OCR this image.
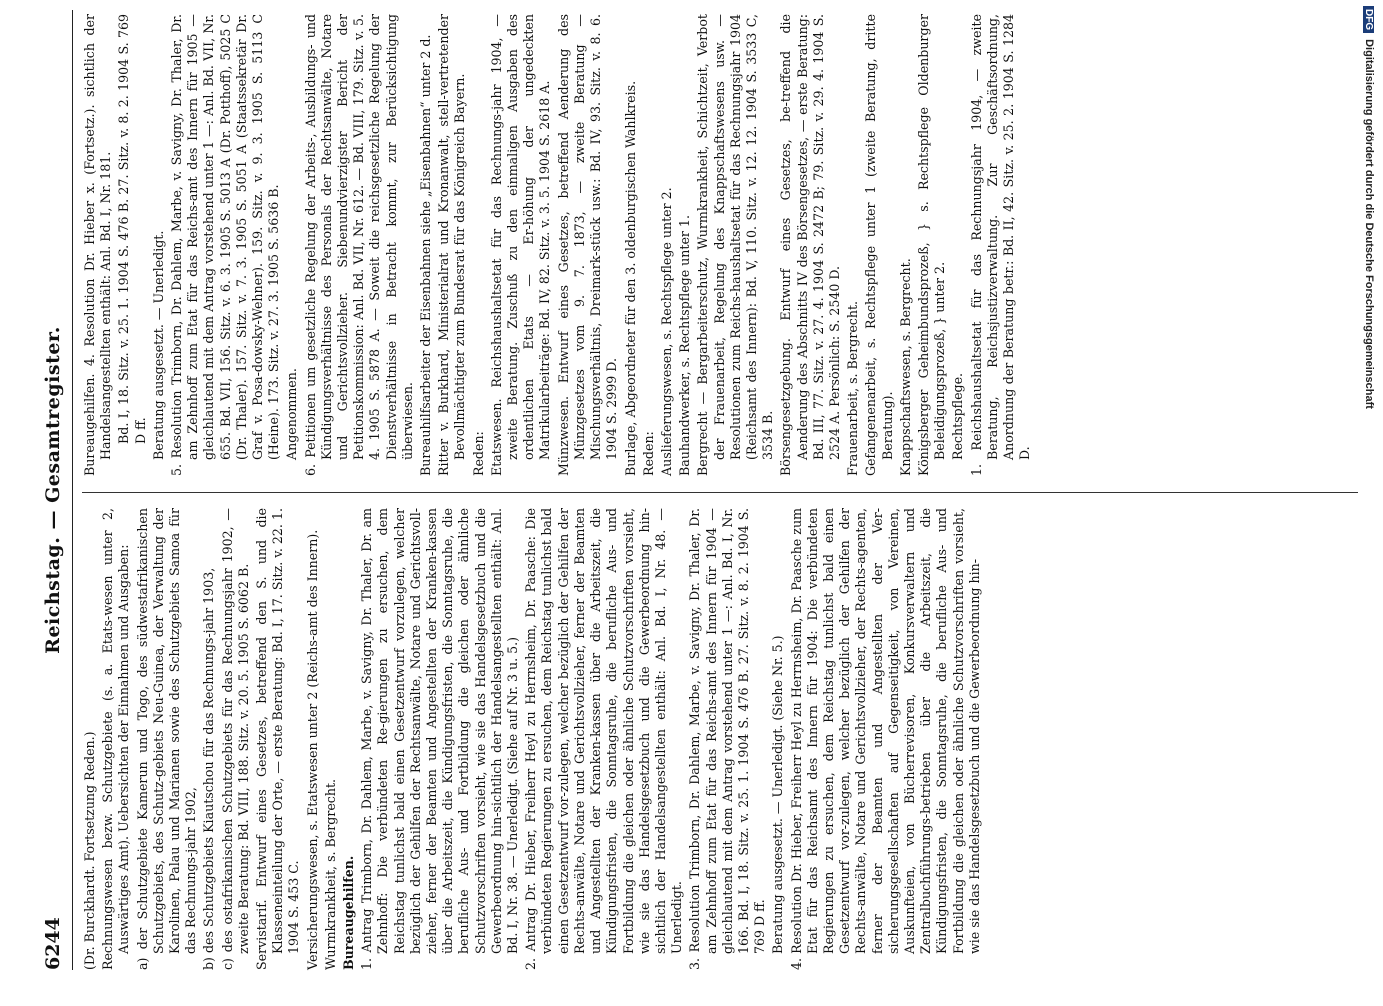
6244
Reichstag. — Gesamtregister.

(Dr. Burckhardt. Fortsetzung Reden.) Rechnungswesen bezw. Schutzgebiete (s. a. Etats-wesen unter 2, Auswärtiges Amt). Uebersichten der Einnahmen und Ausgaben: a) der Schutzgebiete Kamerun und Togo, des südwestafrikanischen Schutzgebiets, des Schutz-gebiets Neu-Guinea, der Verwaltung der Karolinen, Palau und Marianen sowie des Schutzgebiets Samoa für das Rechnungs-jahr 1902, b) des Schutzgebiets Kiautschou für das Rechnungs-jahr 1903, c) des ostafrikanischen Schutzgebiets für das Rechnungsjahr 1902, — zweite Beratung: Bd. VIII, 188. Sitz. v. 20. 5. 1905 S. 6062 B. Servistarif. Entwurf eines Gesetzes, betreffend den S. und die Klasseneinteilung der Orte, — erste Beratung: Bd. I, 17. Sitz. v. 22. 1. 1904 S. 453 C. Versicherungswesen, s. Etatswesen unter 2 (Reichs-amt des Innern). Wurmkrankheit, s. Bergrecht. Bureaugehilfen. 1. Antrag Trimborn, Dr. Dahlem, Marbe, v. Savigny, Dr. Thaler, Dr. am Zehnhoff: Die verbündeten Re-gierungen zu ersuchen, dem Reichstag tunlichst bald einen Gesetzentwurf vorzulegen, welcher bezüglich der Gehilfen der Rechtsanwälte, Notare und Gerichtsvoll-zieher, ferner der Beamten und Angestellten der Kranken-kassen über die Arbeitszeit, die Kündigungsfristen, die Sonntagsruhe, die berufliche Aus- und Fortbildung die gleichen oder ähnliche Schutzvorschriften vorsieht, wie sie das Handelsgesetzbuch und die Gewerbeordnung hin-sichtlich der Handelsangestellten enthält: Anl. Bd. I, Nr. 38. — Unerledigt. (Siehe auf Nr. 3 u. 5.) 2. Antrag Dr. Hieber, Freiherr Heyl zu Herrnsheim, Dr. Paasche: Die verbündeten Regierungen zu ersuchen, dem Reichstag tunlichst bald einen Gesetzentwurf vor-zulegen, welcher bezüglich der Gehilfen der Rechts-anwälte, Notare und Gerichtsvollzieher, ferner der Beamten und Angestellten der Kranken-kassen über die Arbeitszeit, die Kündigungsfristen, die Sonntagsruhe, die berufliche Aus- und Fortbildung die gleichen oder ähnliche Schutzvorschriften vorsieht, wie sie das Handelsgesetzbuch und die Gewerbeordnung hin-sichtlich der Handelsangestellten enthält: Anl. Bd. I, Nr. 48. — Unerledigt. 3. Resolution Trimborn, Dr. Dahlem, Marbe, v. Savigny, Dr. Thaler, Dr. am Zehnhoff zum Etat für das Reichs-amt des Innern für 1904 — gleichlautend mit dem Antrag vorstehend unter 1 —: Anl. Bd. I, Nr. 166. Bd. I, 18. Sitz. v. 25. 1. 1904 S. 476 B. 27. Sitz. v. 8. 2. 1904 S. 769 D ff. Beratung ausgesetzt. — Unerledigt. (Siehe Nr. 5.) 4. Resolution Dr. Hieber, Freiherr Heyl zu Herrnsheim, Dr. Paasche zum Etat für das Reichsamt des Innern für 1904: Die verbündeten Regierungen zu ersuchen, dem Reichstag tunlichst bald einen Gesetzentwurf vor-zulegen, welcher bezüglich der Gehilfen der Rechts-anwälte, Notare und Gerichtsvollzieher, der Rechts-agenten, ferner der Beamten und Angestellten der Ver-sicherungsgesellschaften auf Gegenseitigkeit, von Vereinen, Auskunfteien, von Bücherrevisoren, Konkursverwaltern und Zentralbuchführungs-betrieben über die Arbeitszeit, die Kündigungsfristen, die Sonntagsruhe, die berufliche Aus- und Fortbildung die gleichen oder ähnliche Schutzvorschriften vorsieht, wie sie das Handelsgesetzbuch und die Gewerbeordnung hin-

Bureaugehilfen. 4. Resolution Dr. Hieber x. (Fortsetz.). sichtlich der Handelsangestellten enthält: Anl. Bd. I, Nr. 181. Bd. I, 18. Sitz. v. 25. 1. 1904 S. 476 B. 27. Sitz. v. 8. 2. 1904 S. 769 D ff. Beratung ausgesetzt. — Unerledigt. 5. Resolution Trimborn, Dr. Dahlem, Marbe, v. Savigny, Dr. Thaler, Dr. am Zehnhoff zum Etat für das Reichs-amt des Innern für 1905 — gleichlautend mit dem Antrag vorstehend unter 1 —: Anl. Bd. VII, Nr. 655. Bd. VII, 156. Sitz. v. 6. 3. 1905 S. 5013 A (Dr. Potthoff), 5025 C (Dr. Thaler). 157. Sitz. v. 7. 3. 1905 S. 5051 A (Staatssekretär Dr. Graf v. Posa-dowsky-Wehner). 159. Sitz. v. 9. 3. 1905 S. 5113 C (Heine). 173. Sitz. v. 27. 3. 1905 S. 5636 B. Angenommen. 6. Petitionen um gesetzliche Regelung der Arbeits-, Ausbildungs- und Kündigungsverhältnisse des Personals der Rechtsanwälte, Notare und Gerichtsvollzieher. Siebenundvierzigster Bericht der Petitionskommission: Anl. Bd. VII, Nr. 612. — Bd. VIII, 179. Sitz. v. 5. 4. 1905 S. 5878 A. — Soweit die reichsgesetzliche Regelung der Dienstverhältnisse in Betracht kommt, zur Berücksichtigung überwiesen. Bureauhilfsarbeiter der Eisenbahnen siehe „Eisenbahnen“ unter 2 d. Ritter v. Burkhard, Ministerialrat und Kronanwalt, stell-vertretender Bevollmächtigter zum Bundesrat für das Königreich Bayern. Reden: Etatswesen. Reichshaushaltsetat für das Rechnungs-jahr 1904, — zweite Beratung. Zuschuß zu den einmaligen Ausgaben des ordentlichen Etats — Er-höhung der ungedeckten Matrikularbeiträge: Bd. IV, 82. Sitz. v. 3. 5. 1904 S. 2618 A. Münzwesen. Entwurf eines Gesetzes, betreffend Aenderung des Münzgesetzes vom 9. 7. 1873, — zweite Beratung — Mischungsverhältnis, Dreimark-stück usw.: Bd. IV, 93. Sitz. v. 8. 6. 1904 S. 2999 D. Burlage, Abgeordneter für den 3. oldenburgischen Wahlkreis. Reden: Auslieferungswesen, s. Rechtspflege unter 2. Bauhandwerker, s. Rechtspflege unter 1. Bergrecht — Bergarbeiterschutz, Wurmkrankheit, Schichtzeit, Verbot der Frauenarbeit, Regelung des Knappschaftswesens usw. — Resolutionen zum Reichs-haushaltsetat für das Rechnungsjahr 1904 (Reichsamt des Innern): Bd. V, 110. Sitz. v. 12. 12. 1904 S. 3533 C, 3534 B. Börsengesetzgebung. Entwurf eines Gesetzes, be-treffend die Aenderung des Abschnitts IV des Börsengesetzes, — erste Beratung: Bd. III, 77. Sitz. v. 27. 4. 1904 S. 2472 B; 79. Sitz. v. 29. 4. 1904 S. 2524 A. Persönlich: S. 2540 D. Frauenarbeit, s. Bergrecht. Gefangenenarbeit, s. Rechtspflege unter 1 (zweite Beratung, dritte Beratung). Knappschaftswesen, s. Bergrecht. Königsberger Geheimbundsprozeß, } s. Rechtspflege Oldenburger Beleidigungsprozeß, } unter 2. Rechtspflege. 1. Reichshaushaltsetat für das Rechnungsjahr 1904, — zweite Beratung, Reichsjustizverwaltung. Zur Geschäftsordnung, Anordnung der Beratung betr.: Bd. II, 42. Sitz. v. 25. 2. 1904 S. 1284 D.

DFGDigitalisierung gefördert durch die Deutsche Forschungsgemeinschaft
